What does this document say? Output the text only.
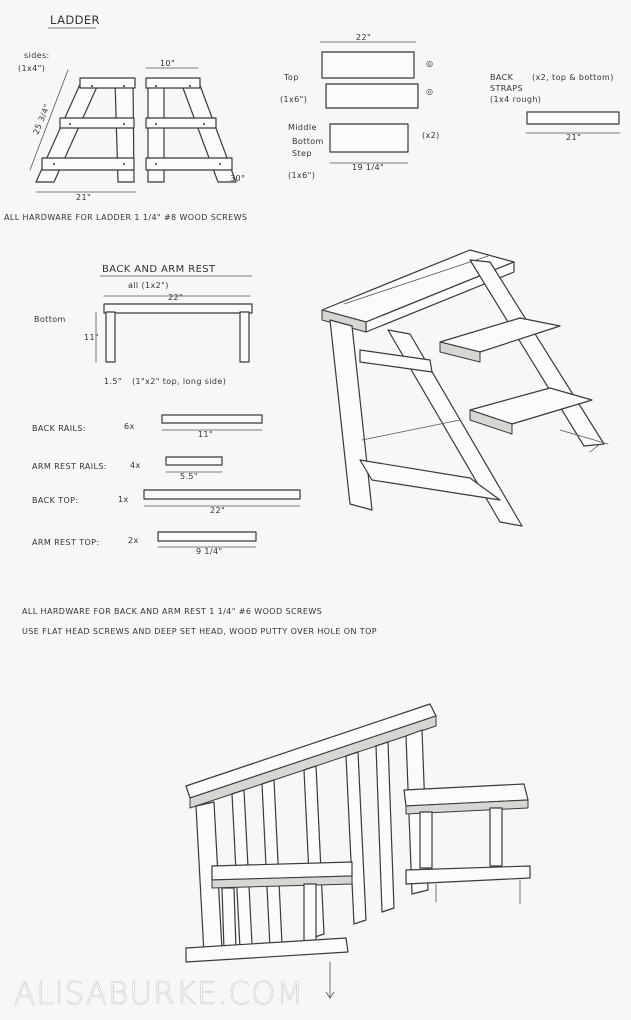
LADDER
sides:
(1x4")
25 3/4"
10"
21"
30°
22"
Top
(1x6")
◎
◎
Middle
Bottom
Step
(1x6")
(x2)
19 1/4"
BACK
STRAPS
(1x4 rough)
(x2, top & bottom)
21"
ALL HARDWARE FOR LADDER 1 1/4" #8 WOOD SCREWS
BACK AND ARM REST
all (1x2")
22"
Bottom
11"
1.5" (1"x2" top, long side)
BACK RAILS:	6x
11"
ARM REST RAILS:	4x
5.5"
BACK TOP:	1x
22"
ARM REST TOP:	2x
9 1/4"
ALL HARDWARE FOR BACK AND ARM REST 1 1/4" #6 WOOD SCREWS
USE FLAT HEAD SCREWS AND DEEP SET HEAD, WOOD PUTTY OVER HOLE ON TOP
ALISABURKE.COM
